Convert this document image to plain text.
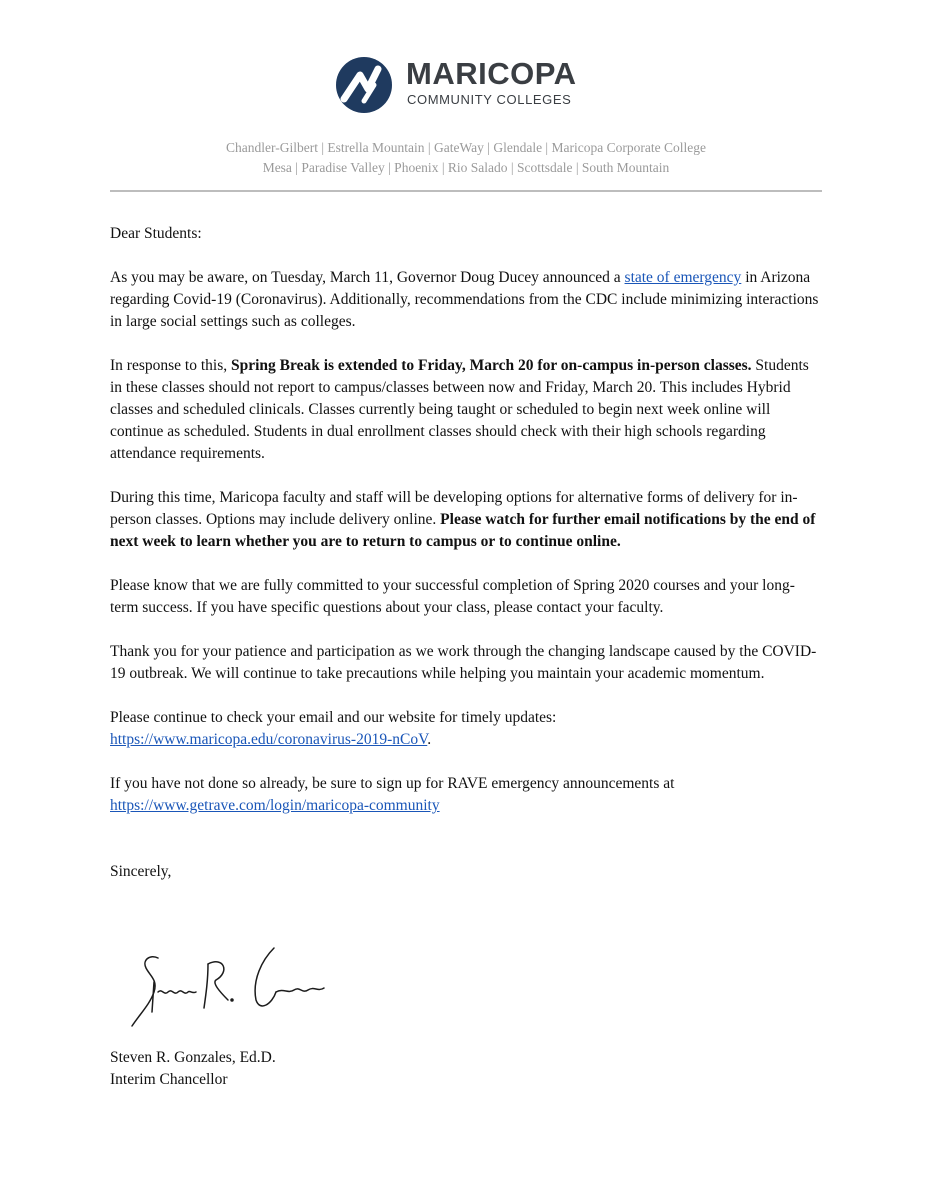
MARICOPA
COMMUNITY COLLEGES
Chandler-Gilbert | Estrella Mountain | GateWay | Glendale | Maricopa Corporate College
Mesa | Paradise Valley | Phoenix | Rio Salado | Scottsdale | South Mountain

Dear Students:

As you may be aware, on Tuesday, March 11, Governor Doug Ducey announced a state of emergency in Arizona regarding Covid-19 (Coronavirus). Additionally, recommendations from the CDC include minimizing interactions in large social settings such as colleges.

In response to this, Spring Break is extended to Friday, March 20 for on-campus in-person classes. Students in these classes should not report to campus/classes between now and Friday, March 20. This includes Hybrid classes and scheduled clinicals. Classes currently being taught or scheduled to begin next week online will continue as scheduled. Students in dual enrollment classes should check with their high schools regarding attendance requirements.

During this time, Maricopa faculty and staff will be developing options for alternative forms of delivery for in-person classes. Options may include delivery online. Please watch for further email notifications by the end of next week to learn whether you are to return to campus or to continue online.

Please know that we are fully committed to your successful completion of Spring 2020 courses and your long-term success. If you have specific questions about your class, please contact your faculty.

Thank you for your patience and participation as we work through the changing landscape caused by the COVID-19 outbreak. We will continue to take precautions while helping you maintain your academic momentum.

Please continue to check your email and our website for timely updates:
https://www.maricopa.edu/coronavirus-2019-nCoV.

If you have not done so already, be sure to sign up for RAVE emergency announcements at
https://www.getrave.com/login/maricopa-community

Sincerely,

Steven R. Gonzales, Ed.D.
Interim Chancellor
